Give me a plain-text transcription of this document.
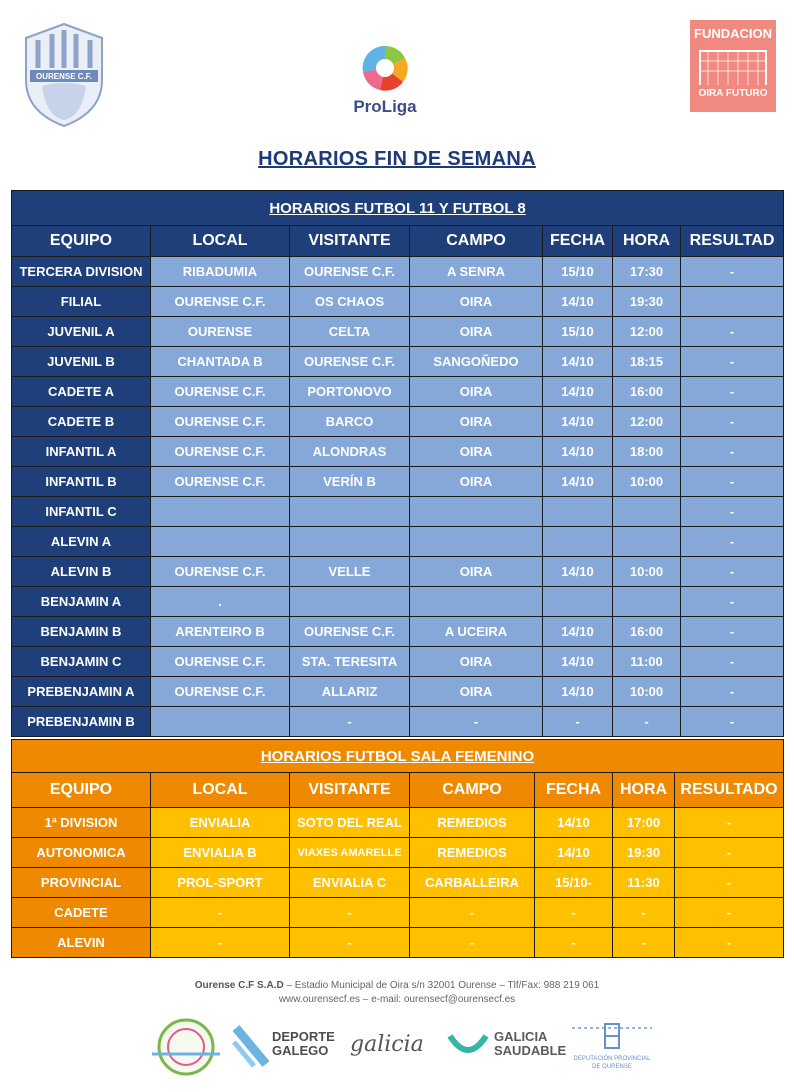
OURENSE C.F.
ProLiga
FUNDACION
OIRA FUTURO
HORARIOS FIN DE SEMANA
HORARIOS FUTBOL 11 Y FUTBOL 8						
EQUIPO	LOCAL	VISITANTE	CAMPO	FECHA	HORA	RESULTAD
TERCERA DIVISION	RIBADUMIA	OURENSE C.F.	A SENRA	15/10	17:30	-
FILIAL	OURENSE C.F.	OS CHAOS	OIRA	14/10	19:30	
JUVENIL A	OURENSE	CELTA	OIRA	15/10	12:00	-
JUVENIL B	CHANTADA B	OURENSE C.F.	SANGOÑEDO	14/10	18:15	-
CADETE A	OURENSE C.F.	PORTONOVO	OIRA	14/10	16:00	-
CADETE B	OURENSE C.F.	BARCO	OIRA	14/10	12:00	-
INFANTIL A	OURENSE C.F.	ALONDRAS	OIRA	14/10	18:00	-
INFANTIL B	OURENSE C.F.	VERÍN B	OIRA	14/10	10:00	-
INFANTIL C						-
ALEVIN A						-
ALEVIN B	OURENSE C.F.	VELLE	OIRA	14/10	10:00	-
BENJAMIN A	.					-
BENJAMIN B	ARENTEIRO B	OURENSE C.F.	A UCEIRA	14/10	16:00	-
BENJAMIN C	OURENSE C.F.	STA. TERESITA	OIRA	14/10	11:00	-
PREBENJAMIN A	OURENSE C.F.	ALLARIZ	OIRA	14/10	10:00	-
PREBENJAMIN B		-	-	-	-	-
HORARIOS FUTBOL SALA FEMENINO						
EQUIPO	LOCAL	VISITANTE	CAMPO	FECHA	HORA	RESULTADO
1ª DIVISION	ENVIALIA	SOTO DEL REAL	REMEDIOS	14/10	17:00	-
AUTONOMICA	ENVIALIA B	VIAXES AMARELLE	REMEDIOS	14/10	19:30	-
PROVINCIAL	PROL-SPORT	ENVIALIA C	CARBALLEIRA	15/10-	11:30	-
CADETE	-	-	-	-	-	-
ALEVIN	-	-	-	-	-	-
Ourense C.F S.A.D – Estadio Municipal de Oira s/n 32001 Ourense – Tlf/Fax: 988 219 061
www.ourensecf.es – e-mail: ourensecf@ourensecf.es
DEPORTE
GALEGO galicia	GALICIA
SAUDABLE
DEPUTACIÓN PROVINCIAL
DE OURENSE
